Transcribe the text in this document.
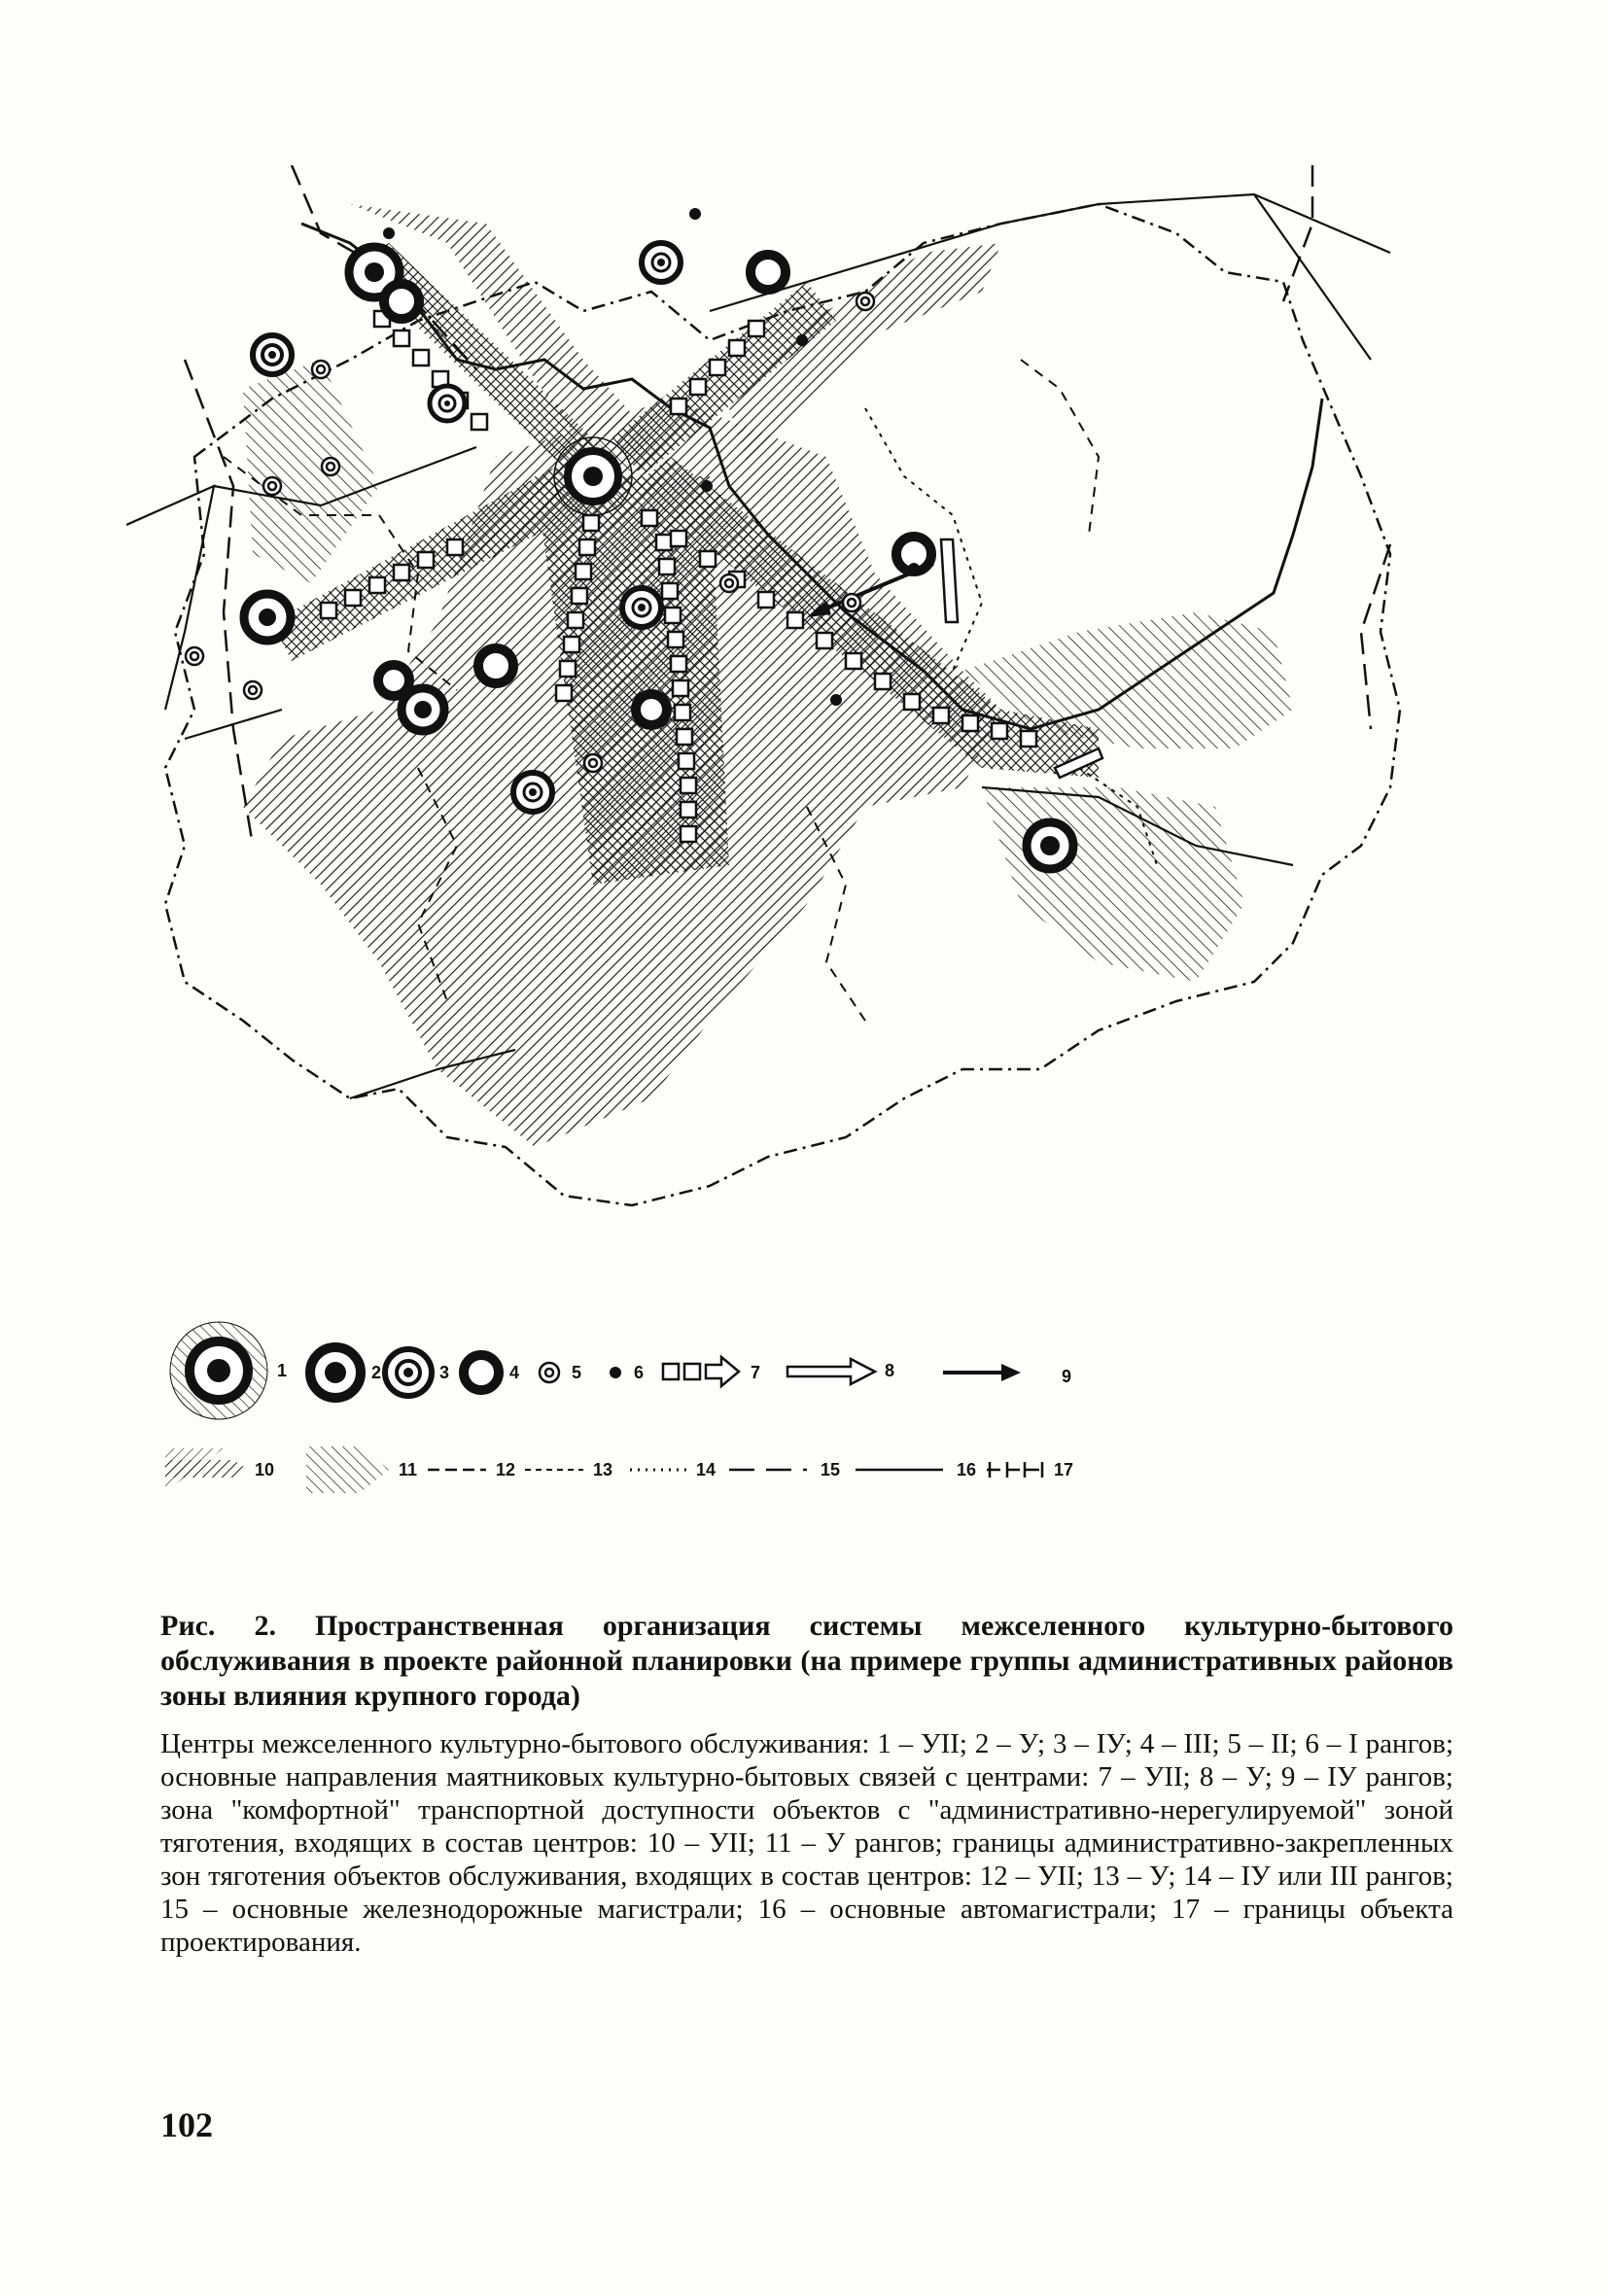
1	2	3	4	5	6	7	8	9
10	11	12	13	14	15	16	17

Рис. 2. Пространственная организация системы межселенного культурно-бытового обслуживания в проекте районной планировки (на примере группы административных районов зоны влияния крупного города)

Центры межселенного культурно-бытового обслуживания: 1 – УII; 2 – У; 3 – IУ; 4 – III; 5 – II; 6 – I рангов; основные направления маятниковых культурно-бытовых связей с центрами: 7 – УII; 8 – У; 9 – IУ рангов; зона "комфортной" транспортной доступности объектов с "административно-нерегулируемой" зоной тяготения, входящих в состав центров: 10 – УII; 11 – У рангов; границы административно-закрепленных зон тяготения объектов обслуживания, входящих в состав центров: 12 – УII; 13 – У; 14 – IУ или III рангов; 15 – основные железнодорожные магистрали; 16 – основные автомагистрали; 17 – границы объекта проектирования.

102
